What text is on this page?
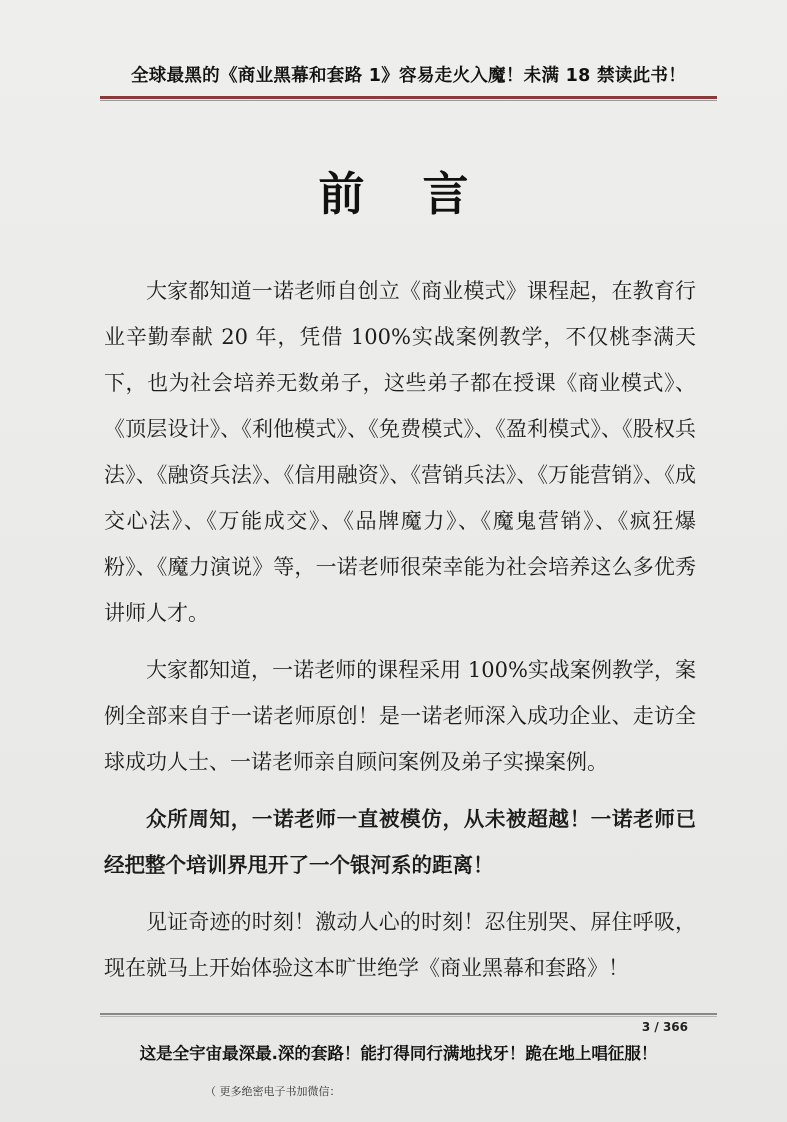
全球最黑的《商业黑幕和套路 1》容易走火入魔！未满 18 禁读此书！
前言

大家都知道一诺老师自创立《商业模式》课程起，在教育行业辛勤奉献 20 年，凭借 100%实战案例教学，不仅桃李满天下，也为社会培养无数弟子，这些弟子都在授课《商业模式》、《顶层设计》、《利他模式》、《免费模式》、《盈利模式》、《股权兵法》、《融资兵法》、《信用融资》、《营销兵法》、《万能营销》、《成交心法》、《万能成交》、《品牌魔力》、《魔鬼营销》、《疯狂爆粉》、《魔力演说》等，一诺老师很荣幸能为社会培养这么多优秀讲师人才。

大家都知道，一诺老师的课程采用 100%实战案例教学，案例全部来自于一诺老师原创！是一诺老师深入成功企业、走访全球成功人士、一诺老师亲自顾问案例及弟子实操案例。

众所周知，一诺老师一直被模仿，从未被超越！一诺老师已经把整个培训界甩开了一个银河系的距离！

见证奇迹的时刻！激动人心的时刻！忍住别哭、屏住呼吸，现在就马上开始体验这本旷世绝学《商业黑幕和套路》！

3 / 366
这是全宇宙最深最.深的套路！能打得同行满地找牙！跪在地上唱征服！
（ 更多绝密电子书加微信：
